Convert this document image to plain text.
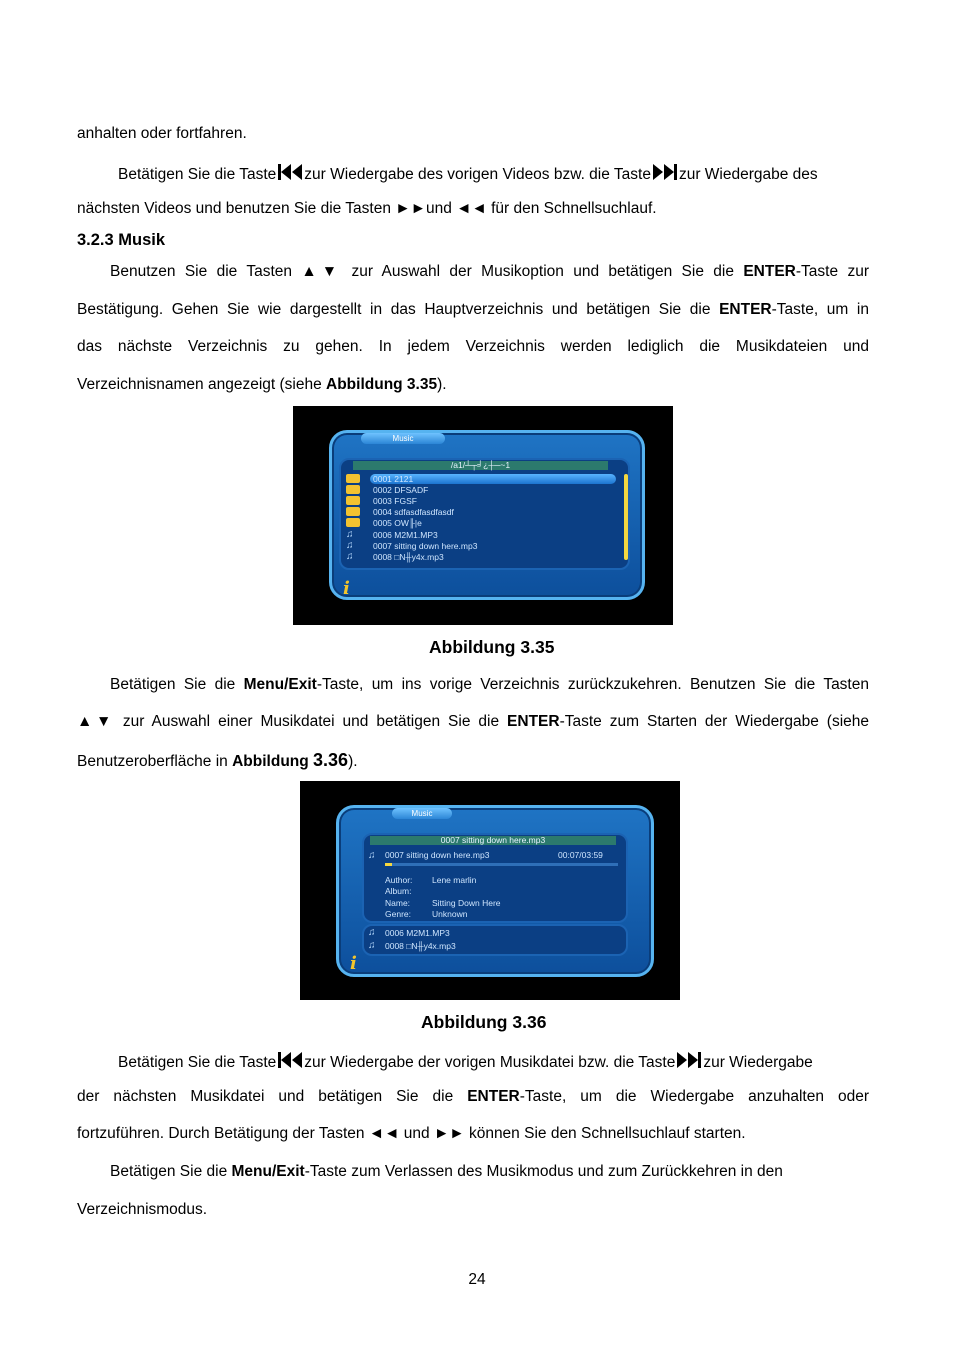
anhalten oder fortfahren.
Betätigen Sie die Taste zur Wiedergabe des vorigen Videos bzw. die Taste zur Wiedergabe des
nächsten Videos und benutzen Sie die Tasten ►►und ◄◄ für den Schnellsuchlauf.
3.2.3 Musik
Benutzen Sie die Tasten ▲▼ zur Auswahl der Musikoption und betätigen Sie die ENTER-Taste zur
Bestätigung. Gehen Sie wie dargestellt in das Hauptverzeichnis und betätigen Sie die ENTER-Taste, um in
das nächste Verzeichnis zu gehen. In jedem Verzeichnis werden lediglich die Musikdateien und
Verzeichnisnamen angezeigt (siehe Abbildung 3.35).
Music
/a1/┴┬╛¿┼─~1
0001 2121
0002 DFSADF
0003 FGSF
0004 sdfasdfasdfasdf
0005 OW╟|e
♫	0006 M2M1.MP3
♫	0007 sitting down here.mp3
♫	0008 □N╫y4x.mp3
i
Abbildung 3.35
Betätigen Sie die Menu/Exit-Taste, um ins vorige Verzeichnis zurückzukehren. Benutzen Sie die Tasten
▲▼ zur Auswahl einer Musikdatei und betätigen Sie die ENTER-Taste zum Starten der Wiedergabe (siehe
Benutzeroberfläche in Abbildung 3.36).
Music
0007 sitting down here.mp3
♫ 0007 sitting down here.mp3	00:07/03:59
Author: Lene marlin
Album:
Name:	Sitting Down Here
Genre: Unknown
♫ 0006 M2M1.MP3
♫ 0008 □N╫y4x.mp3
i
Abbildung 3.36
Betätigen Sie die Taste zur Wiedergabe der vorigen Musikdatei bzw. die Taste zur Wiedergabe
der nächsten Musikdatei und betätigen Sie die ENTER-Taste, um die Wiedergabe anzuhalten oder
fortzuführen. Durch Betätigung der Tasten ◄◄ und ►► können Sie den Schnellsuchlauf starten.
Betätigen Sie die Menu/Exit-Taste zum Verlassen des Musikmodus und zum Zurückkehren in den
Verzeichnismodus.
24
